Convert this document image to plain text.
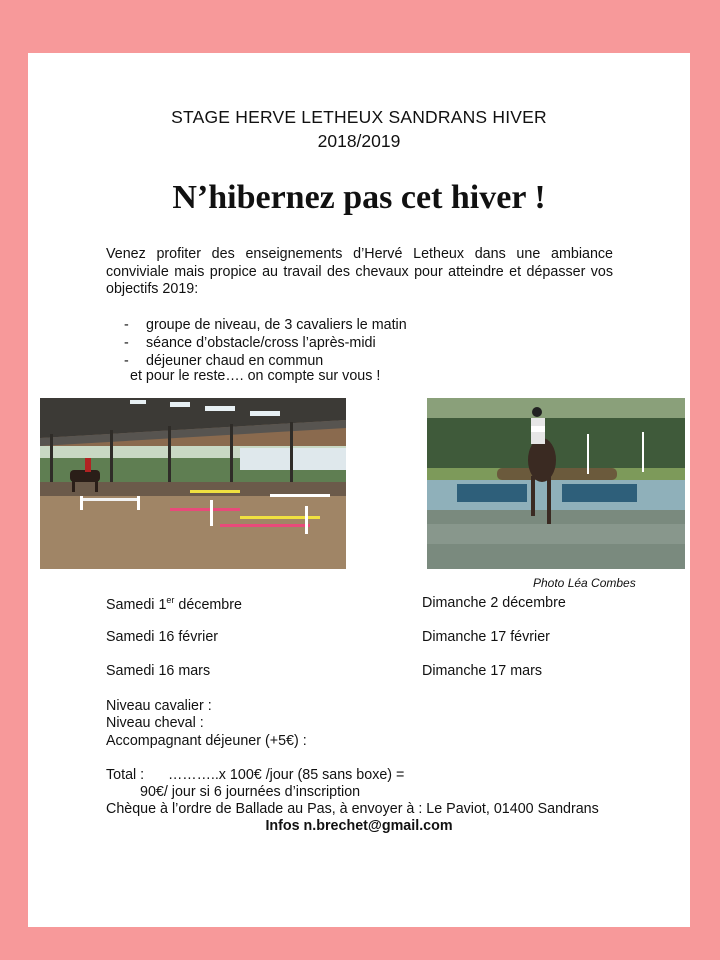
STAGE HERVE LETHEUX SANDRANS HIVER
2018/2019
N’hibernez pas cet hiver !
Venez profiter des enseignements d’Hervé Letheux dans une ambiance conviviale mais propice au travail des chevaux pour atteindre et dépasser vos objectifs 2019:
- groupe de niveau, de 3 cavaliers le matin
- séance d’obstacle/cross l’après-midi
- déjeuner chaud en commun
et pour le reste…. on compte sur vous !
Photo Léa Combes
Samedi 1er décembre	Dimanche 2 décembre
Samedi 16 février	Dimanche 17 février
Samedi 16 mars	Dimanche 17 mars
Niveau cavalier :
Niveau cheval :
Accompagnant déjeuner (+5€) :
Total :      ………..x 100€ /jour (85 sans boxe) =
90€/ jour si 6 journées d’inscription
Chèque à l’ordre de Ballade au Pas, à envoyer à : Le Paviot, 01400 Sandrans
Infos n.brechet@gmail.com
